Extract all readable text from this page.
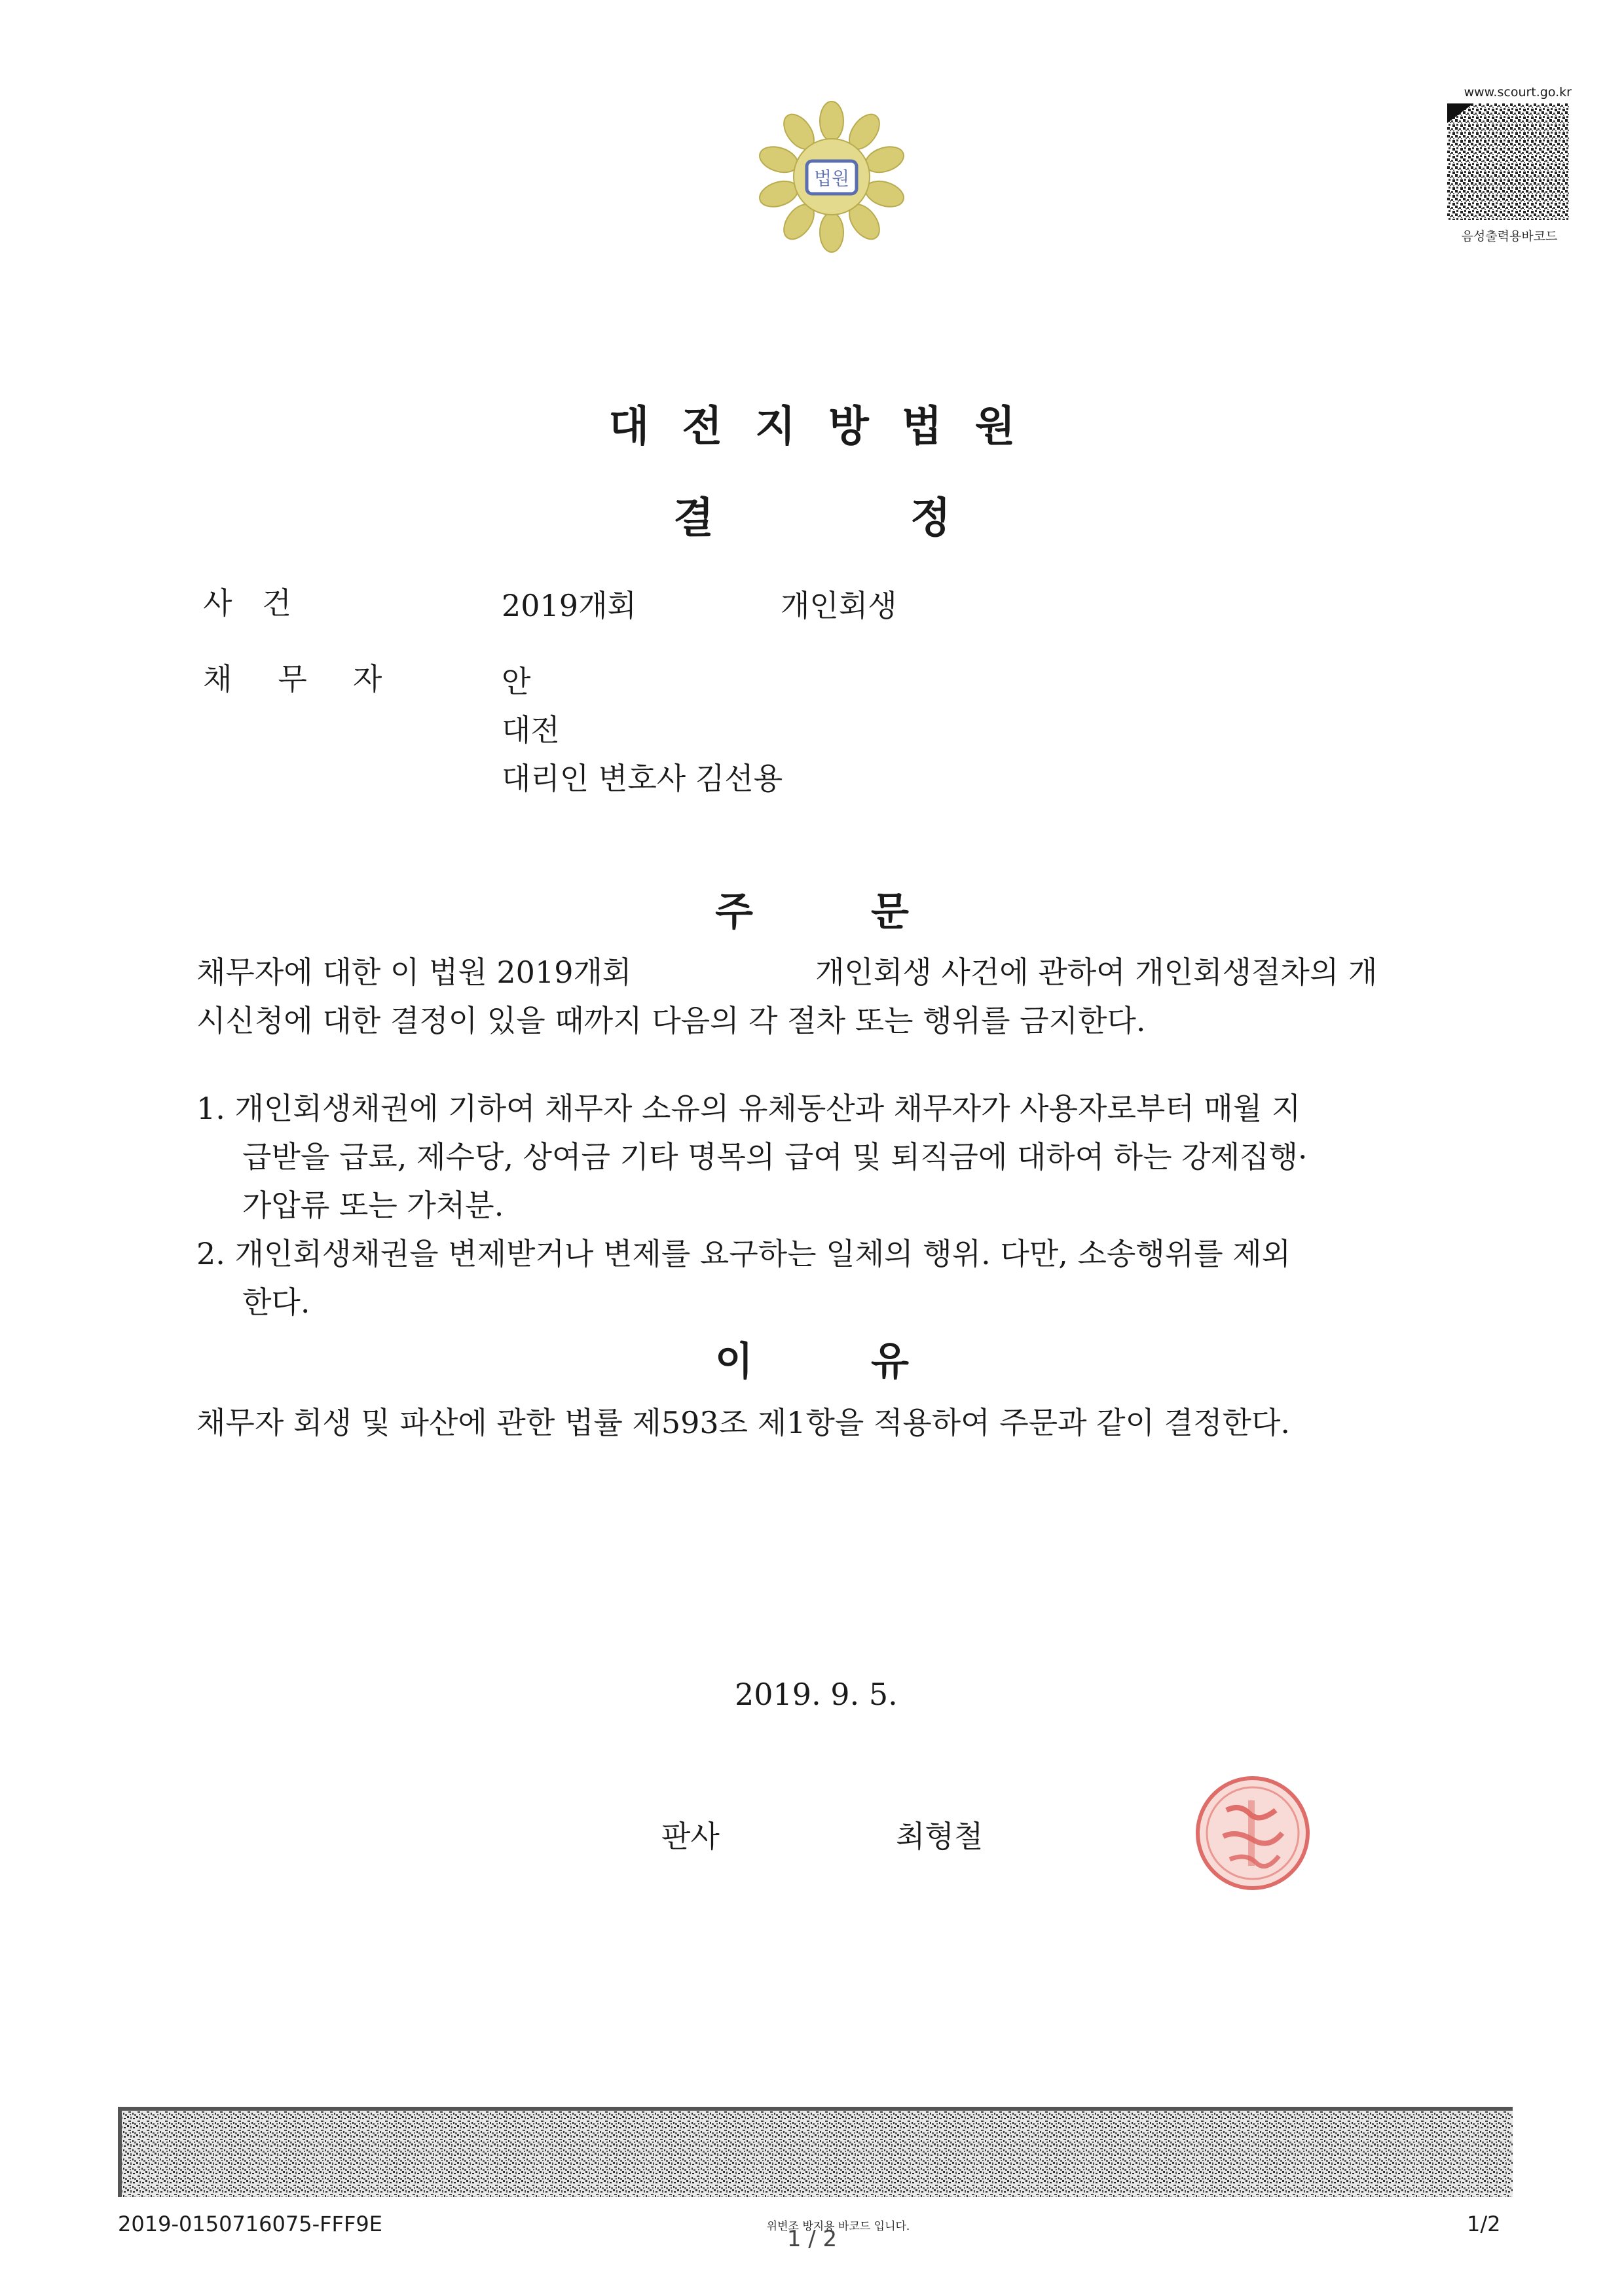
법원
www.scourt.go.kr
음성출력용바코드
대전지방법원
결정
사　건	2019개회	개인회생
채　무　자	안
대전
대리인 변호사 김선용
주문
채무자에 대한 이 법원 2019개회	개인회생 사건에 관하여 개인회생절차의 개
시신청에 대한 결정이 있을 때까지 다음의 각 절차 또는 행위를 금지한다.
1. 개인회생채권에 기하여 채무자 소유의 유체동산과 채무자가 사용자로부터 매월 지
급받을 급료, 제수당, 상여금 기타 명목의 급여 및 퇴직금에 대하여 하는 강제집행·
가압류 또는 가처분.
2. 개인회생채권을 변제받거나 변제를 요구하는 일체의 행위. 다만, 소송행위를 제외
한다.
이유
채무자 회생 및 파산에 관한 법률 제593조 제1항을 적용하여 주문과 같이 결정한다.
2019. 9. 5.
판사	최형철
2019-0150716075-FFF9E	위변조 방지용 바코드 입니다.
1 / 2
1/2
